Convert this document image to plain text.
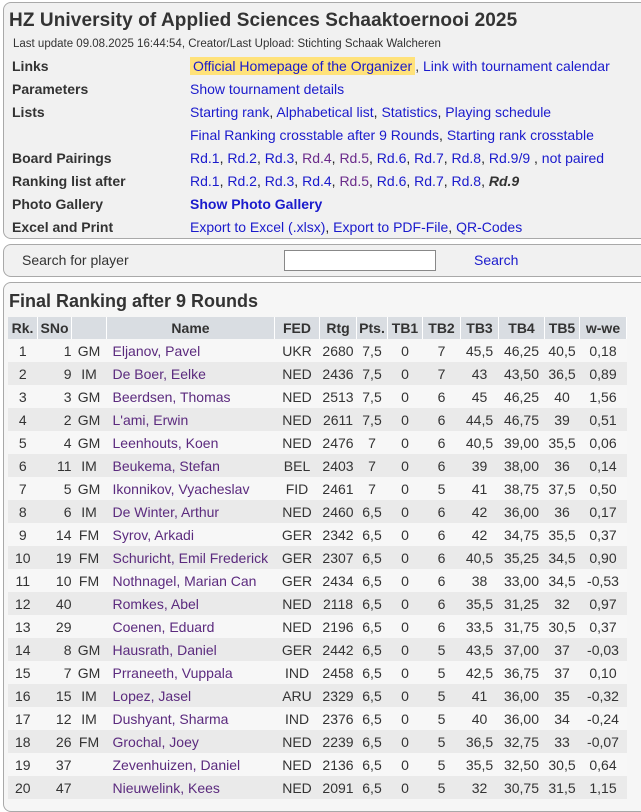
HZ University of Applied Sciences Schaaktoernooi 2025
Last update 09.08.2025 16:44:54, Creator/Last Upload: Stichting Schaak Walcheren
Links	Official Homepage of the Organizer , Link with tournament calendar
Parameters	Show tournament details
Lists	Starting rank, Alphabetical list, Statistics, Playing schedule
Final Ranking crosstable after 9 Rounds, Starting rank crosstable
Board Pairings	Rd.1, Rd.2, Rd.3, Rd.4, Rd.5, Rd.6, Rd.7, Rd.8, Rd.9/9 , not paired
Ranking list after	Rd.1, Rd.2, Rd.3, Rd.4, Rd.5, Rd.6, Rd.7, Rd.8, Rd.9
Photo Gallery	Show Photo Gallery
Excel and Print	Export to Excel (.xlsx), Export to PDF-File, QR-Codes
Search for player	Search
Final Ranking after 9 Rounds
Rk.	SNo		Name	FED	Rtg	Pts.	TB1	TB2	TB3	TB4	TB5	w-we
1	1	GM	Eljanov, Pavel	UKR	2680	7,5	0	7	45,5	46,25	40,5	0,18
2	9	IM	De Boer, Eelke	NED	2436	7,5	0	7	43	43,50	36,5	0,89
3	3	GM	Beerdsen, Thomas	NED	2513	7,5	0	6	45	46,25	40	1,56
4	2	GM	L'ami, Erwin	NED	2611	7,5	0	6	44,5	46,75	39	0,51
5	4	GM	Leenhouts, Koen	NED	2476	7	0	6	40,5	39,00	35,5	0,06
6	11	IM	Beukema, Stefan	BEL	2403	7	0	6	39	38,00	36	0,14
7	5	GM	Ikonnikov, Vyacheslav	FID	2461	7	0	5	41	38,75	37,5	0,50
8	6	IM	De Winter, Arthur	NED	2460	6,5	0	6	42	36,00	36	0,17
9	14	FM	Syrov, Arkadi	GER	2342	6,5	0	6	42	34,75	35,5	0,37
10	19	FM	Schuricht, Emil Frederick	GER	2307	6,5	0	6	40,5	35,25	34,5	0,90
11	10	FM	Nothnagel, Marian Can	GER	2434	6,5	0	6	38	33,00	34,5	-0,53
12	40		Romkes, Abel	NED	2118	6,5	0	6	35,5	31,25	32	0,97
13	29		Coenen, Eduard	NED	2196	6,5	0	6	33,5	31,75	30,5	0,37
14	8	GM	Hausrath, Daniel	GER	2442	6,5	0	5	43,5	37,00	37	-0,03
15	7	GM	Prraneeth, Vuppala	IND	2458	6,5	0	5	42,5	36,75	37	0,10
16	15	IM	Lopez, Jasel	ARU	2329	6,5	0	5	41	36,00	35	-0,32
17	12	IM	Dushyant, Sharma	IND	2376	6,5	0	5	40	36,00	34	-0,24
18	26	FM	Grochal, Joey	NED	2239	6,5	0	5	36,5	32,75	33	-0,07
19	37		Zevenhuizen, Daniel	NED	2136	6,5	0	5	35,5	32,50	30,5	0,64
20	47		Nieuwelink, Kees	NED	2091	6,5	0	5	32	30,75	31,5	1,15
